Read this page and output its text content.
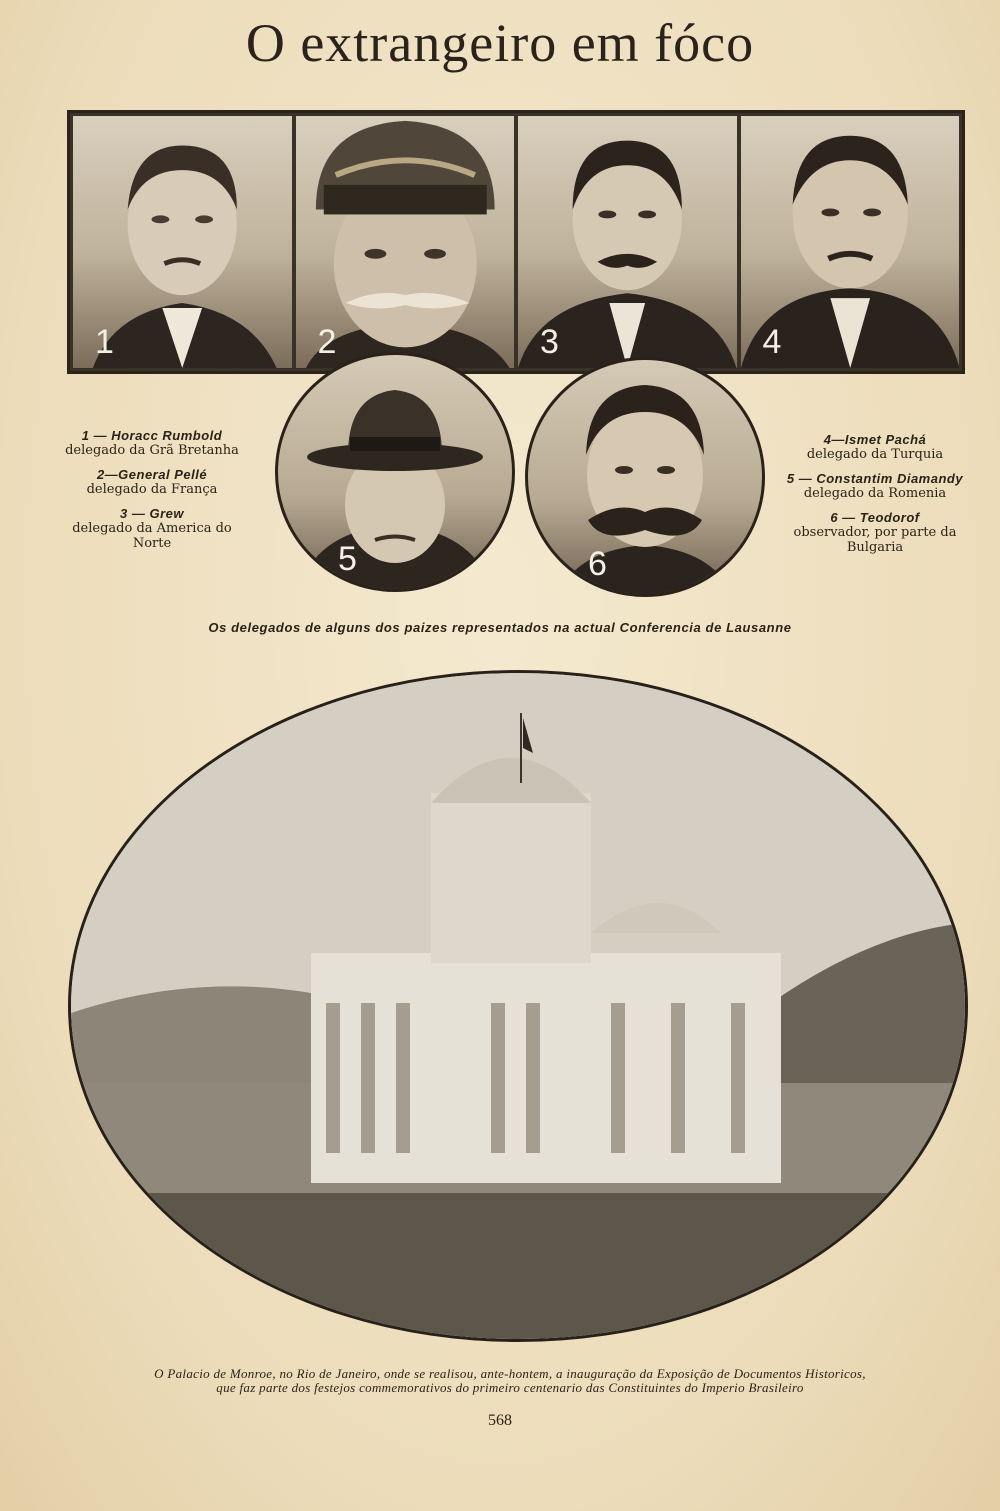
O extrangeiro em fóco
1	2	3	4
5	6
1 — Horacc Rumbold
delegado da Grã Bretanha
2—General Pellé
delegado da França
3 — Grew
delegado da America do Norte
4—Ismet Pachá
delegado da Turquia
5 — Constantim Diamandy
delegado da Romenia
6 — Teodorof
observador, por parte da Bulgaria
Os delegados de alguns dos paizes representados na actual Conferencia de Lausanne
O Palacio de Monroe, no Rio de Janeiro, onde se realisou, ante-hontem, a inauguração da Exposição de Documentos Historicos,
que faz parte dos festejos commemorativos do primeiro centenario das Constituintes do Imperio Brasileiro
568
